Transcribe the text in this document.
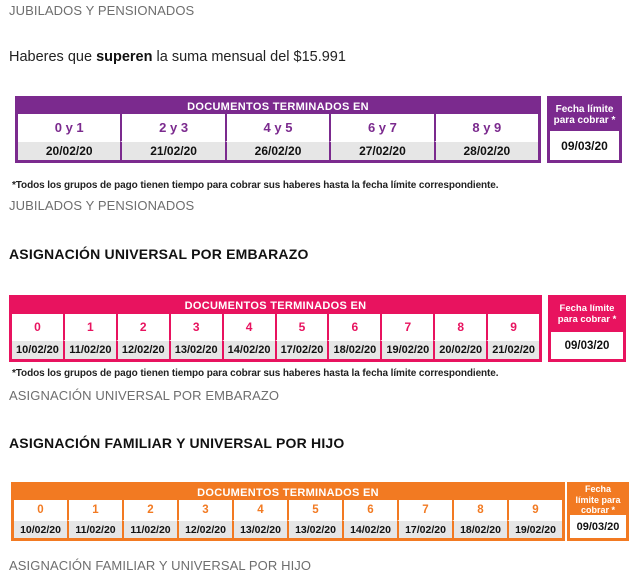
JUBILADOS Y PENSIONADOS
Haberes que superen la suma mensual del $15.991
DOCUMENTOS TERMINADOS EN
0 y 1	2 y 3	4 y 5	6 y 7	8 y 9
20/02/20	21/02/20	26/02/20	27/02/20	28/02/20
Fecha límite para cobrar *
09/03/20
*Todos los grupos de pago tienen tiempo para cobrar sus haberes hasta la fecha límite correspondiente.
JUBILADOS Y PENSIONADOS
ASIGNACIÓN UNIVERSAL POR EMBARAZO
DOCUMENTOS TERMINADOS EN
0	1	2	3	4	5	6	7	8	9
10/02/20 11/02/20 12/02/20 13/02/20 14/02/20 17/02/20 18/02/20 19/02/20 20/02/20 21/02/20
Fecha límite para cobrar *
09/03/20
*Todos los grupos de pago tienen tiempo para cobrar sus haberes hasta la fecha límite correspondiente.
ASIGNACIÓN UNIVERSAL POR EMBARAZO
ASIGNACIÓN FAMILIAR Y UNIVERSAL POR HIJO
DOCUMENTOS TERMINADOS EN
0	1	2	3	4	5	6	7	8	9
10/02/20	11/02/20	11/02/20	12/02/20	13/02/20	13/02/20	14/02/20	17/02/20	18/02/20	19/02/20
Fecha límite para cobrar *
09/03/20
ASIGNACIÓN FAMILIAR Y UNIVERSAL POR HIJO
